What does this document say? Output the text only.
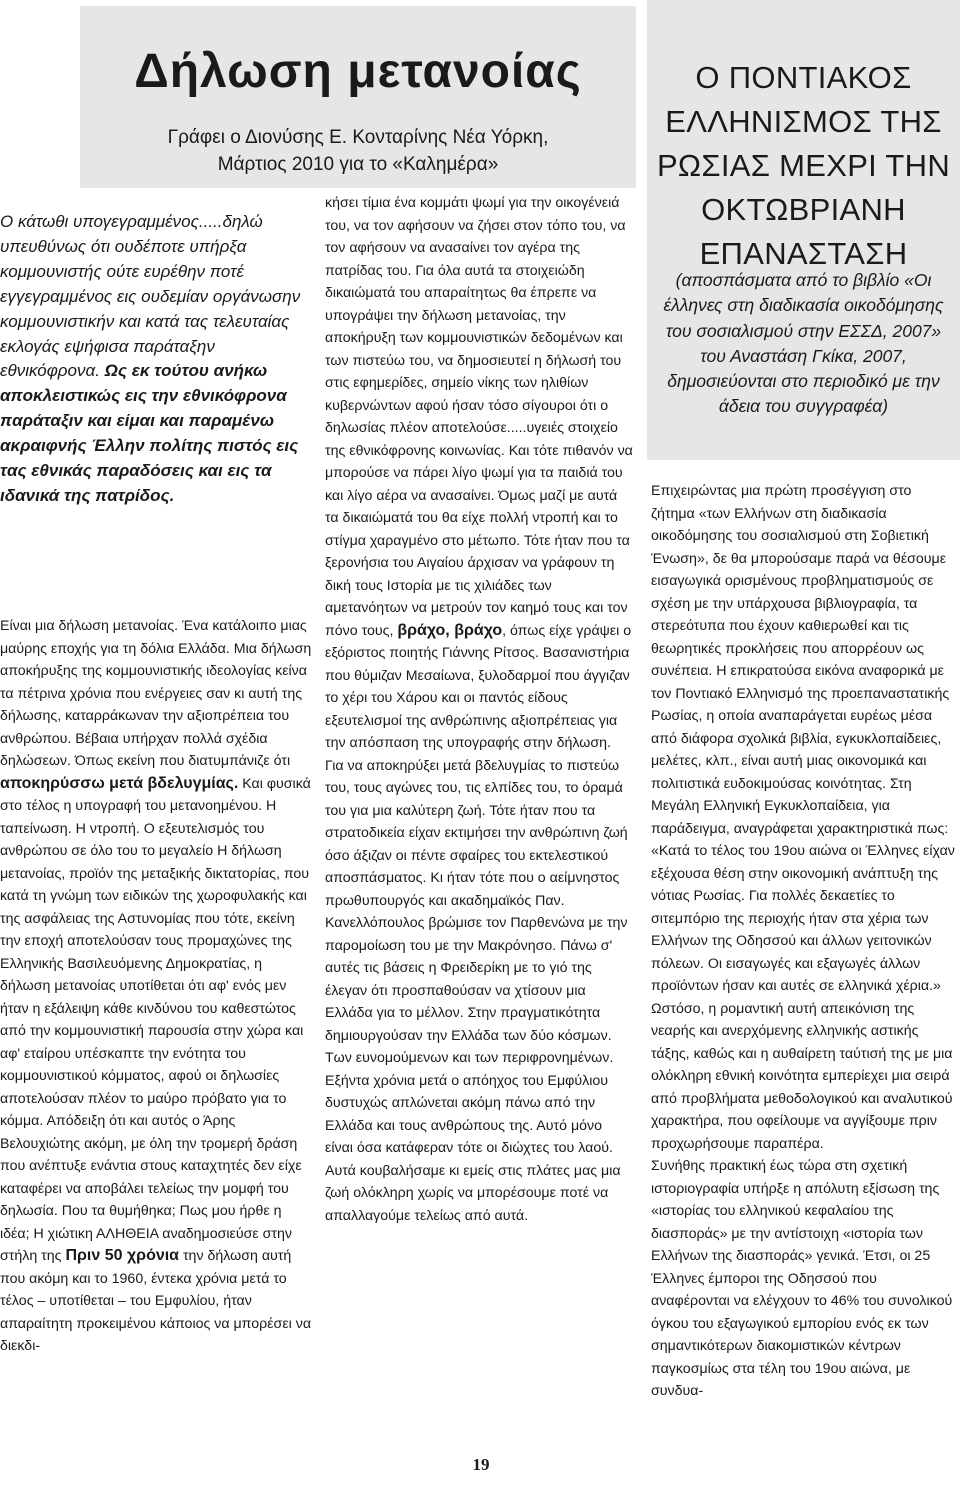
Δήλωση μετανοίας
Γράφει ο Διονύσης Ε. Κονταρίνης Νέα Υόρκη,
Μάρτιος 2010 για το «Καλημέρα»
Ο κάτωθι υπογεγραμμένος.....δηλώ υπευθύνως ότι ουδέποτε υπήρξα κομμουνιστής ούτε ευρέθην ποτέ εγγεγραμμένος εις ουδεμίαν οργάνωσην κομμουνιστικήν και κατά τας τελευταίας εκλογάς εψήφισα παράταξην εθνικόφρονα. Ως εκ τούτου ανήκω αποκλειστικώς εις την εθνικόφρονα παράταξιν και είμαι και παραμένω ακραιφνής Έλλην πολίτης πιστός εις τας εθνικάς παραδόσεις και εις τα ιδανικά της πατρίδος.
Είναι μια δήλωση μετανοίας. Ένα κατάλοιπο μιας μαύρης εποχής για τη δόλια Ελλάδα. Μια δήλωση αποκήρυξης της κομμουνιστικής ιδεολογίας κείνα τα πέτρινα χρόνια που ενέργειες σαν κι αυτή της δήλωσης, καταρράκωναν την αξιοπρέπεια του ανθρώπου. Βέβαια υπήρχαν πολλά σχέδια δηλώσεων. Όπως εκείνη που διατυμπάνιζε ότι αποκηρύσσω μετά βδελυγμίας. Και φυσικά στο τέλος η υπογραφή του μετανοημένου. Η ταπείνωση. Η ντροπή. Ο εξευτελισμός του ανθρώπου σε όλο του το μεγαλείο Η δήλωση μετανοίας, προϊόν της μεταξικής δικτατορίας, που κατά τη γνώμη των ειδικών της χωροφυλακής και της ασφάλειας της Αστυνομίας που τότε, εκείνη την εποχή αποτελούσαν τους προμαχώνες της Ελληνικής Βασιλευόμενης Δημοκρατίας, η δήλωση μετανοίας υποτίθεται ότι αφ' ενός μεν ήταν η εξάλειψη κάθε κινδύνου του καθεστώτος από την κομμουνιστική παρουσία στην χώρα και αφ' εταίρου υπέσκαπτε την ενότητα του κομμουνιστικού κόμματος, αφού οι δηλωσίες αποτελούσαν πλέον το μαύρο πρόβατο για το κόμμα. Απόδειξη ότι και αυτός ο Άρης Βελουχιώτης ακόμη, με όλη την τρομερή δράση που ανέπτυξε ενάντια στους καταχτητές δεν είχε καταφέρει να αποβάλει τελείως την μομφή του δηλωσία. Που τα θυμήθηκα; Πως μου ήρθε η ιδέα; Η χιώτικη ΑΛΗΘΕΙΑ αναδημοσιεύσε στην στήλη της Πριν 50 χρόνια την δήλωση αυτή που ακόμη και το 1960, έντεκα χρόνια μετά το τέλος – υποτίθεται – του Εμφυλίου, ήταν απαραίτητη προκειμένου κάποιος να μπορέσει να διεκδι-
κήσει τίμια ένα κομμάτι ψωμί για την οικογένειά του, να τον αφήσουν να ζήσει στον τόπο του, να τον αφήσουν να ανασαίνει τον αγέρα της πατρίδας του. Για όλα αυτά τα στοιχειώδη δικαιώματά του απαραίτητως θα έπρεπε να υπογράψει την δήλωση μετανοίας, την αποκήρυξη των κομμουνιστικών δεδομένων και των πιστεύω του, να δημοσιευτεί η δήλωσή του στις εφημερίδες, σημείο νίκης των ηλιθίων κυβερνώντων αφού ήσαν τόσο σίγουροι ότι ο δηλωσίας πλέον αποτελούσε.....υγειές στοιχείο της εθνικόφρονης κοινωνίας. Και τότε πιθανόν να μπορούσε να πάρει λίγο ψωμί για τα παιδιά του και λίγο αέρα να ανασαίνει. Όμως μαζί με αυτά τα δικαιώματά του θα είχε πολλή ντροπή και το στίγμα χαραγμένο στο μέτωπο. Τότε ήταν που τα ξερονήσια του Αιγαίου άρχισαν να γράφουν τη δική τους Ιστορία με τις χιλιάδες των αμετανόητων να μετρούν τον καημό τους και τον πόνο τους, βράχο, βράχο, όπως είχε γράψει ο εξόριστος ποιητής Γιάννης Ρίτσος. Βασανιστήρια που θύμιζαν Μεσαίωνα, ξυλοδαρμοί που άγγιζαν το χέρι του Χάρου και οι παντός είδους εξευτελισμοί της ανθρώπινης αξιοπρέπειας για την απόσπαση της υπογραφής στην δήλωση. Για να αποκηρύξει μετά βδελυγμίας το πιστεύω του, τους αγώνες του, τις ελπίδες του, το όραμά του για μια καλύτερη ζωή. Τότε ήταν που τα στρατοδικεία είχαν εκτιμήσει την ανθρώπινη ζωή όσο άξιζαν οι πέντε σφαίρες του εκτελεστικού αποσπάσματος. Κι ήταν τότε που ο αείμνηστος πρωθυπουργός και ακαδημαϊκός Παν. Κανελλόπουλος βρώμισε τον Παρθενώνα με την παρομοίωση του με την Μακρόνησο. Πάνω σ' αυτές τις βάσεις η Φρειδερίκη με το γιό της έλεγαν ότι προσπαθούσαν να χτίσουν μια Ελλάδα για το μέλλον. Στην πραγματικότητα δημιουργούσαν την Ελλάδα των δύο κόσμων. Των ευνομούμενων και των περιφρονημένων. Εξήντα χρόνια μετά ο απόηχος του Εμφύλιου δυστυχώς απλώνεται ακόμη πάνω από την Ελλάδα και τους ανθρώπους της. Αυτό μόνο είναι όσα κατάφεραν τότε οι διώχτες του λαού. Αυτά κουβαλήσαμε κι εμείς στις πλάτες μας μια ζωή ολόκληρη χωρίς να μπορέσουμε ποτέ να απαλλαγούμε τελείως από αυτά.
Ο ΠΟΝΤΙΑΚΟΣ ΕΛΛΗΝΙΣΜΟΣ ΤΗΣ ΡΩΣΙΑΣ ΜΕΧΡΙ ΤΗΝ ΟΚΤΩΒΡΙΑΝΗ ΕΠΑΝΑΣΤΑΣΗ
(αποσπάσματα από το βιβλίο «Οι έλληνες στη διαδικασία οικοδόμησης του σοσιαλισμού στην ΕΣΣΔ, 2007» του Αναστάση Γκίκα, 2007, δημοσιεύονται στο περιοδικό με την άδεια του συγγραφέα)

Επιχειρώντας μια πρώτη προσέγγιση στο ζήτημα «των Ελλήνων στη διαδικασία οικοδόμησης του σοσιαλισμού στη Σοβιετική Ένωση», δε θα μπορούσαμε παρά να θέσουμε εισαγωγικά ορισμένους προβληματισμούς σε σχέση με την υπάρχουσα βιβλιογραφία, τα στερεότυπα που έχουν καθιερωθεί και τις θεωρητικές προκλήσεις που απορρέουν ως συνέπεια. Η επικρατούσα εικόνα αναφορικά με τον Ποντιακό Ελληνισμό της προεπαναστατικής Ρωσίας, η οποία αναπαράγεται ευρέως μέσα από διάφορα σχολικά βιβλία, εγκυκλοπαίδειες, μελέτες, κλπ., είναι αυτή μιας οικονομικά και πολιτιστικά ευδοκιμούσας κοινότητας. Στη Μεγάλη Ελληνική Εγκυκλοπαίδεια, για παράδειγμα, αναγράφεται χαρακτηριστικά πως: «Κατά το τέλος του 19ου αιώνα οι Έλληνες είχαν εξέχουσα θέση στην οικονομική ανάπτυξη της νότιας Ρωσίας. Για πολλές δεκαετίες το σιτεμπόριο της περιοχής ήταν στα χέρια των Ελλήνων της Οδησσού και άλλων γειτονικών πόλεων. Οι εισαγωγές και εξαγωγές άλλων προϊόντων ήσαν και αυτές σε ελληνικά χέρια.» Ωστόσο, η ρομαντική αυτή απεικόνιση της νεαρής και ανερχόμενης ελληνικής αστικής τάξης, καθώς και η αυθαίρετη ταύτισή της με μια ολόκληρη εθνική κοινότητα εμπερίεχει μια σειρά από προβλήματα μεθοδολογικού και αναλυτικού χαρακτήρα, που οφείλουμε να αγγίξουμε πριν προχωρήσουμε παραπέρα.

Συνήθης πρακτική έως τώρα στη σχετική ιστοριογραφία υπήρξε η απόλυτη εξίσωση της «ιστορίας του ελληνικού κεφαλαίου της διασποράς» με την αντίστοιχη «ιστορία των Ελλήνων της διασποράς» γενικά. Έτσι, οι 25 Έλληνες έμποροι της Οδησσού που αναφέρονται να ελέγχουν το 46% του συνολικού όγκου του εξαγωγικού εμπορίου ενός εκ των σημαντικότερων διακομιστικών κέντρων παγκοσμίως στα τέλη του 19ου αιώνα, με συνδυα-

19
